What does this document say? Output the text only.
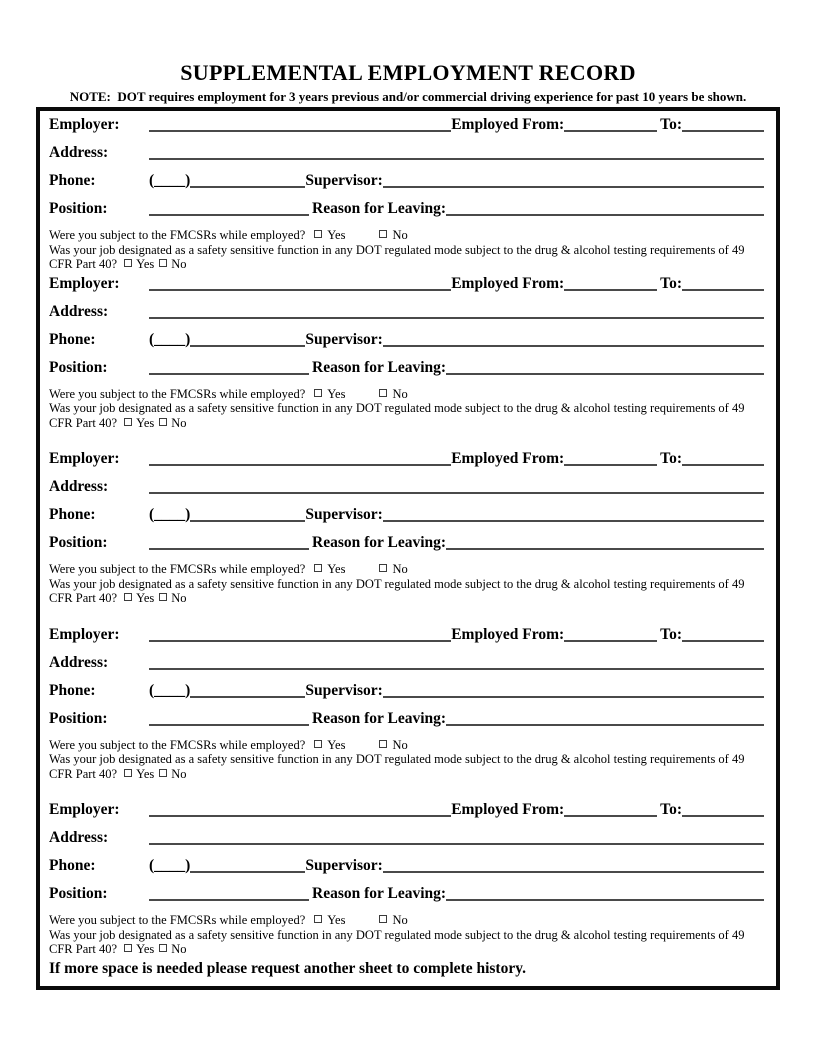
SUPPLEMENTAL EMPLOYMENT RECORD
NOTE:  DOT requires employment for 3 years previous and/or commercial driving experience for past 10 years be shown.
Employer:	Employed From:	To:
Address:
Phone:	(____)	Supervisor:
Position:	Reason for Leaving:
Were you subject to the FMCSRs while employed? Yes	No
Was your job designated as a safety sensitive function in any DOT regulated mode subject to the drug & alcohol testing requirements of 49 CFR Part 40? Yes No
Employer:	Employed From:	To:
Address:
Phone:	(____)	Supervisor:
Position:	Reason for Leaving:
Were you subject to the FMCSRs while employed? Yes	No
Was your job designated as a safety sensitive function in any DOT regulated mode subject to the drug & alcohol testing requirements of 49 CFR Part 40? Yes No
Employer:	Employed From:	To:
Address:
Phone:	(____)	Supervisor:
Position:	Reason for Leaving:
Were you subject to the FMCSRs while employed? Yes	No
Was your job designated as a safety sensitive function in any DOT regulated mode subject to the drug & alcohol testing requirements of 49 CFR Part 40? Yes No
Employer:	Employed From:	To:
Address:
Phone:	(____)	Supervisor:
Position:	Reason for Leaving:
Were you subject to the FMCSRs while employed? Yes	No
Was your job designated as a safety sensitive function in any DOT regulated mode subject to the drug & alcohol testing requirements of 49 CFR Part 40? Yes No
Employer:	Employed From:	To:
Address:
Phone:	(____)	Supervisor:
Position:	Reason for Leaving:
Were you subject to the FMCSRs while employed? Yes	No
Was your job designated as a safety sensitive function in any DOT regulated mode subject to the drug & alcohol testing requirements of 49 CFR Part 40? Yes No
If more space is needed please request another sheet to complete history.
